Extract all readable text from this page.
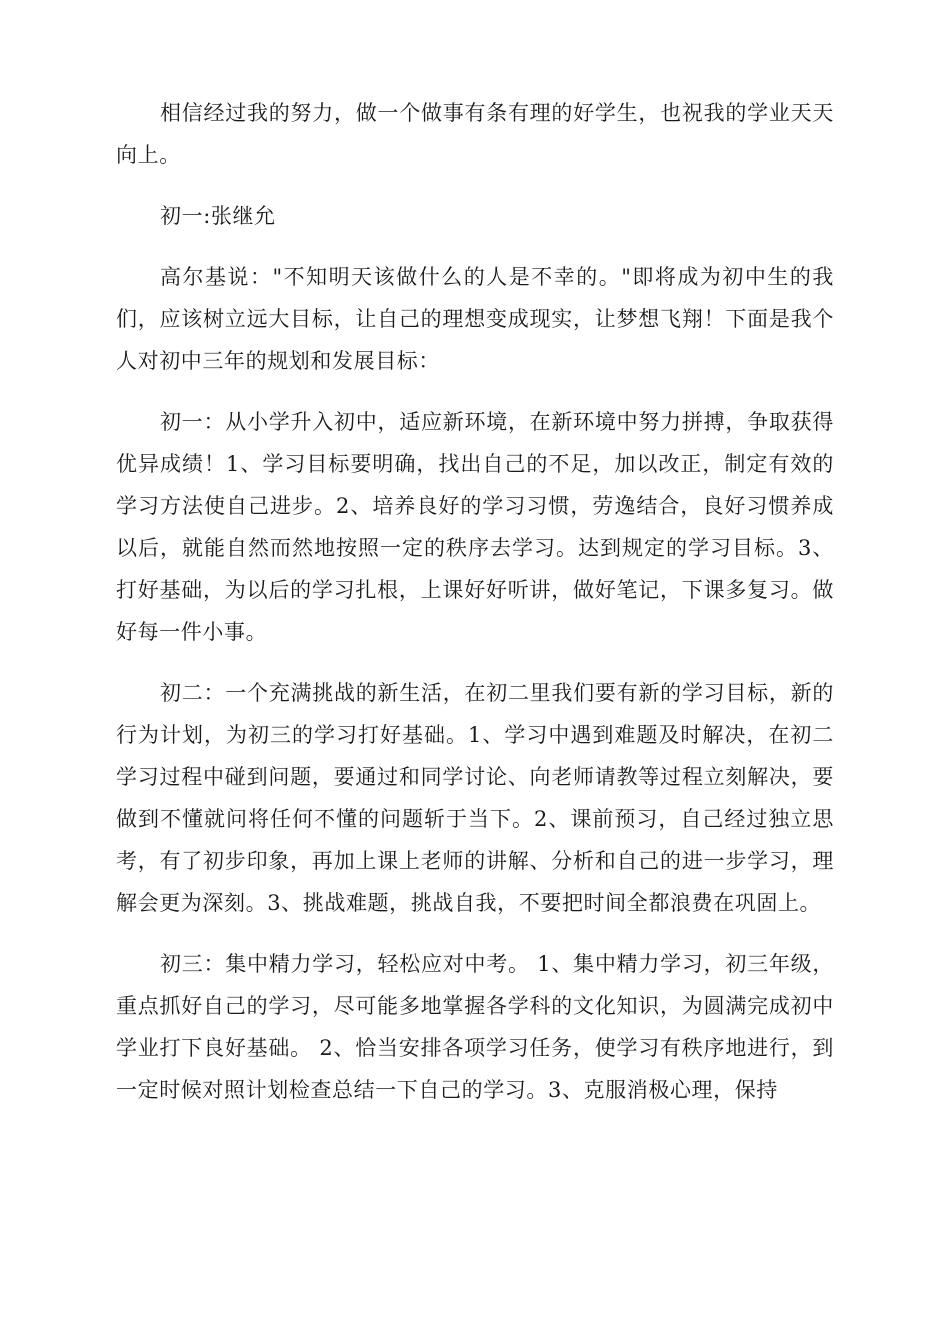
相信经过我的努力，做一个做事有条有理的好学生，也祝我的学业天天向上。

初一:张继允

高尔基说："不知明天该做什么的人是不幸的。"即将成为初中生的我们，应该树立远大目标，让自己的理想变成现实，让梦想飞翔！下面是我个人对初中三年的规划和发展目标：

初一：从小学升入初中，适应新环境，在新环境中努力拼搏，争取获得优异成绩！1、学习目标要明确，找出自己的不足，加以改正，制定有效的学习方法使自己进步。2、培养良好的学习习惯，劳逸结合，良好习惯养成以后，就能自然而然地按照一定的秩序去学习。达到规定的学习目标。3、打好基础，为以后的学习扎根，上课好好听讲，做好笔记，下课多复习。做好每一件小事。

初二：一个充满挑战的新生活，在初二里我们要有新的学习目标，新的行为计划，为初三的学习打好基础。1、学习中遇到难题及时解决，在初二学习过程中碰到问题，要通过和同学讨论、向老师请教等过程立刻解决，要做到不懂就问将任何不懂的问题斩于当下。2、课前预习，自己经过独立思考，有了初步印象，再加上课上老师的讲解、分析和自己的进一步学习，理解会更为深刻。3、挑战难题，挑战自我，不要把时间全都浪费在巩固上。

初三：集中精力学习，轻松应对中考。 1、集中精力学习，初三年级，重点抓好自己的学习，尽可能多地掌握各学科的文化知识，为圆满完成初中学业打下良好基础。 2、恰当安排各项学习任务，使学习有秩序地进行，到一定时候对照计划检查总结一下自己的学习。3、克服消极心理，保持
